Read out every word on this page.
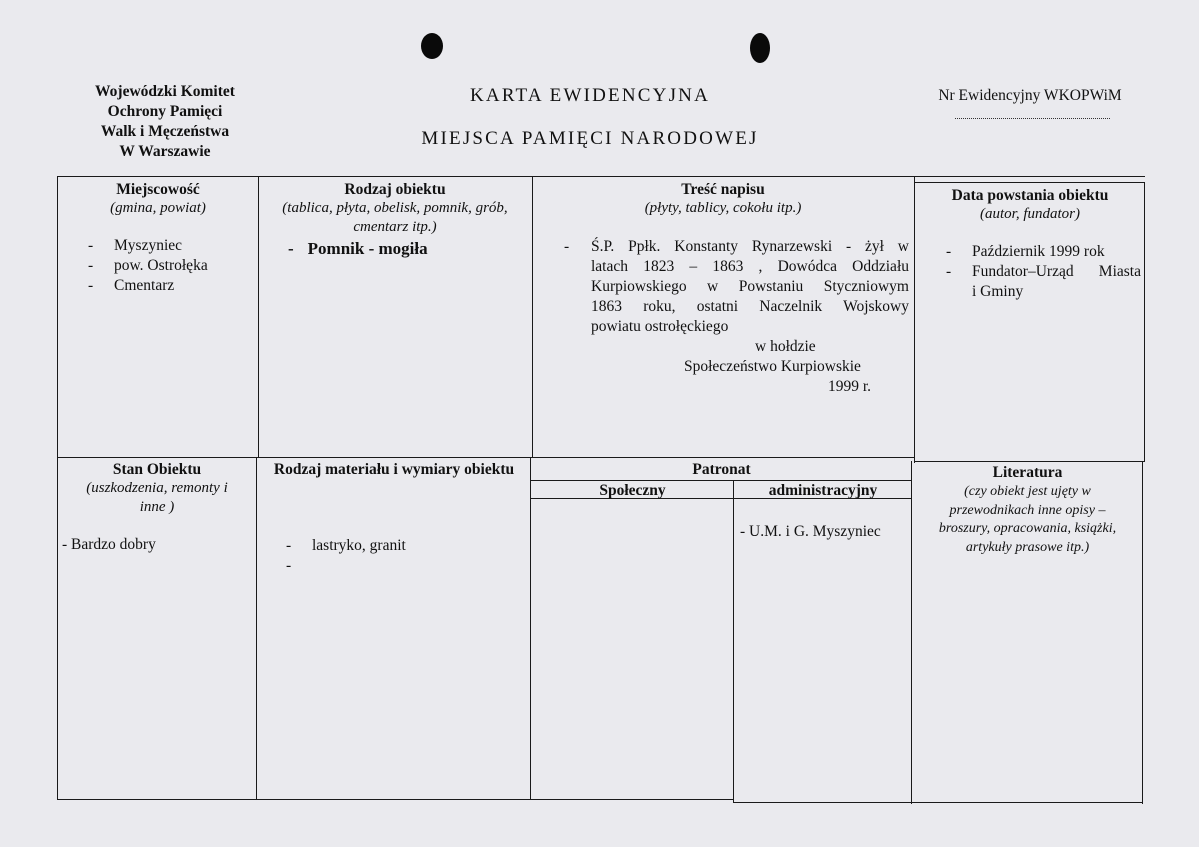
Wojewódzki Komitet
Ochrony Pamięci
Walk i Męczeństwa
W Warszawie
KARTA EWIDENCYJNA
MIEJSCA PAMIĘCI NARODOWEJ
Nr Ewidencyjny WKOPWiM
Miejscowość
(gmina, powiat)
- Myszyniec
- pow. Ostrołęka
- Cmentarz
Rodzaj obiektu
(tablica, płyta, obelisk, pomnik, grób,
cmentarz itp.)
- Pomnik - mogiła
Treść napisu
(płyty, tablicy, cokołu itp.)
- Ś.P. Ppłk. Konstanty Rynarzewski - żył w
latach 1823 – 1863 , Dowódca Oddziału
Kurpiowskiego w Powstaniu Styczniowym
1863 roku, ostatni Naczelnik Wojskowy
powiatu ostrołęckiego
w hołdzie
Społeczeństwo Kurpiowskie
1999 r.
Data powstania obiektu
(autor, fundator)
- Październik 1999 rok
- Fundator–Urząd Miasta
i Gminy
Stan Obiektu
(uszkodzenia, remonty i
inne )
- Bardzo dobry
Rodzaj materiału i wymiary obiektu
- lastryko, granit
-
Patronat
Społeczny	administracyjny
- U.M. i G. Myszyniec
Literatura
(czy obiekt jest ujęty w
przewodnikach inne opisy –
broszury, opracowania, książki,
artykuły prasowe itp.)
